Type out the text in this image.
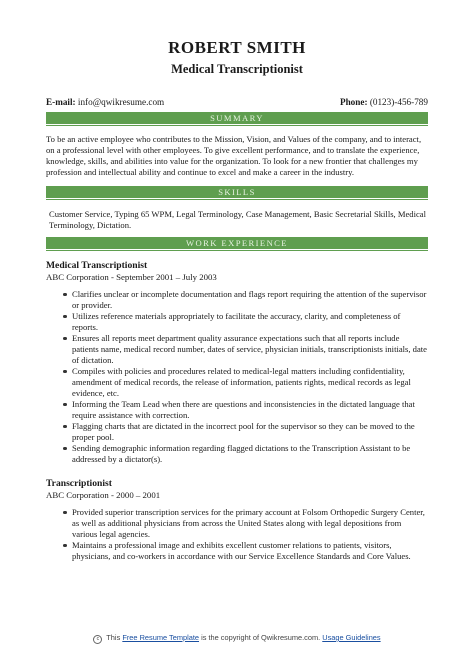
ROBERT SMITH
Medical Transcriptionist
E-mail: info@qwikresume.com	Phone: (0123)-456-789
SUMMARY
To be an active employee who contributes to the Mission, Vision, and Values of the company, and to interact, on a professional level with other employees. To give excellent performance, and to translate the experience, knowledge, skills, and abilities into value for the organization. To look for a new frontier that challenges my profession and intellectual ability and continue to excel and make a career in the industry.
SKILLS
Customer Service, Typing 65 WPM, Legal Terminology, Case Management, Basic Secretarial Skills, Medical Terminology, Dictation.
WORK EXPERIENCE
Medical Transcriptionist
ABC Corporation - September 2001 – July 2003
Clarifies unclear or incomplete documentation and flags report requiring the attention of the supervisor or provider.
Utilizes reference materials appropriately to facilitate the accuracy, clarity, and completeness of reports.
Ensures all reports meet department quality assurance expectations such that all reports include patients name, medical record number, dates of service, physician initials, transcriptionists initials, date of dictation.
Compiles with policies and procedures related to medical-legal matters including confidentiality, amendment of medical records, the release of information, patients rights, medical records as legal evidence, etc.
Informing the Team Lead when there are questions and inconsistencies in the dictated language that require assistance with correction.
Flagging charts that are dictated in the incorrect pool for the supervisor so they can be moved to the proper pool.
Sending demographic information regarding flagged dictations to the Transcription Assistant to be addressed by a dictator(s).
Transcriptionist
ABC Corporation - 2000 – 2001
Provided superior transcription services for the primary account at Folsom Orthopedic Surgery Center, as well as additional physicians from across the United States along with legal depositions from various legal agencies.
Maintains a professional image and exhibits excellent customer relations to patients, visitors, physicians, and co-workers in accordance with our Service Excellence Standards and Core Values.
c This Free Resume Template is the copyright of Qwikresume.com. Usage Guidelines
